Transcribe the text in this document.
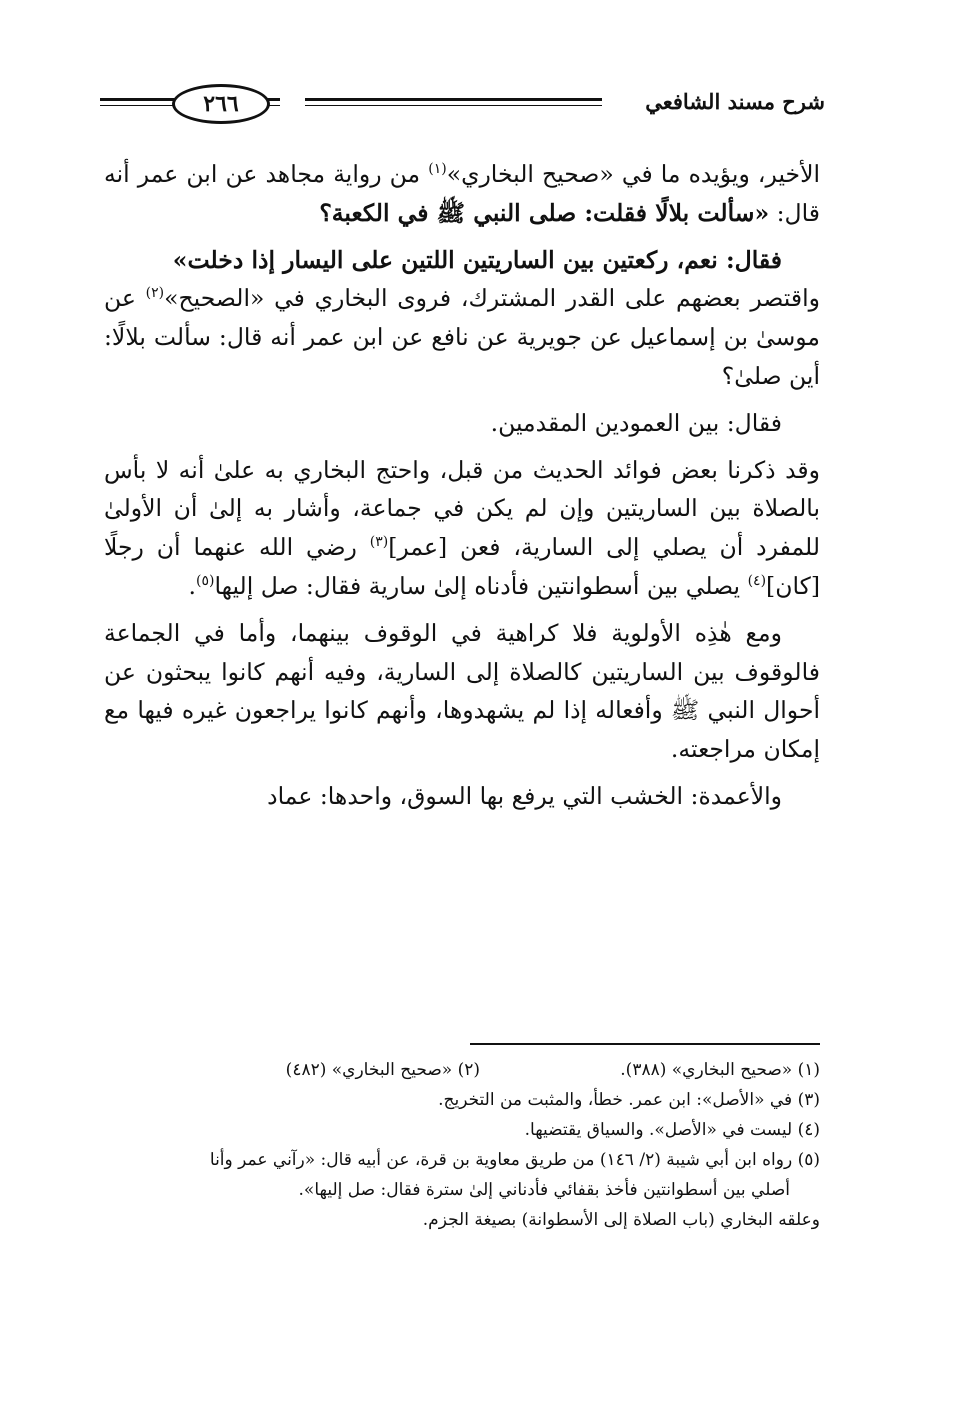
٢٦٦	شرح مسند الشافعي

الأخير، ويؤيده ما في «صحيح البخاري»$^{(١)}$ من رواية مجاهد عن ابن عمر أنه قال: «سألت بلالًا فقلت: صلى النبي ﷺ في الكعبة؟

فقال: نعم، ركعتين بين الساريتين اللتين على اليسار إذا دخلت»

واقتصر بعضهم على القدر المشترك، فروى البخاري في «الصحيح»$^{(٢)}$ عن موسىٰ بن إسماعيل عن جويرية عن نافع عن ابن عمر أنه قال: سألت بلالًا: أين صلىٰ؟

فقال: بين العمودين المقدمين.

وقد ذكرنا بعض فوائد الحديث من قبل، واحتج البخاري به علىٰ أنه لا بأس بالصلاة بين الساريتين وإن لم يكن في جماعة، وأشار به إلىٰ أن الأولىٰ للمفرد أن يصلي إلى السارية، فعن [عمر]$^{(٣)}$ رضي الله عنهما أن رجلًا [كان]$^{(٤)}$ يصلي بين أسطوانتين فأدناه إلىٰ سارية فقال: صل إليها$^{(٥)}$.

ومع هٰذِه الأولوية فلا كراهية في الوقوف بينهما، وأما في الجماعة فالوقوف بين الساريتين كالصلاة إلى السارية، وفيه أنهم كانوا يبحثون عن أحوال النبي ﷺ وأفعاله إذا لم يشهدوها، وأنهم كانوا يراجعون غيره فيها مع إمكان مراجعته.

والأعمدة: الخشب التي يرفع بها السوق، واحدها: عماد

(١) «صحيح البخاري» (٣٨٨).
(٢) «صحيح البخاري» (٤٨٢)

(٣) في «الأصل»: ابن عمر. خطأ، والمثبت من التخريج.

(٤) ليست في «الأصل». والسياق يقتضيها.

(٥) رواه ابن أبي شيبة (٢/ ١٤٦) من طريق معاوية بن قرة، عن أبيه قال: «رآني عمر وأنا

أصلي بين أسطوانتين فأخذ بقفائي فأدناني إلىٰ سترة فقال: صل إليها».

وعلقه البخاري (باب الصلاة إلى الأسطوانة) بصيغة الجزم.
